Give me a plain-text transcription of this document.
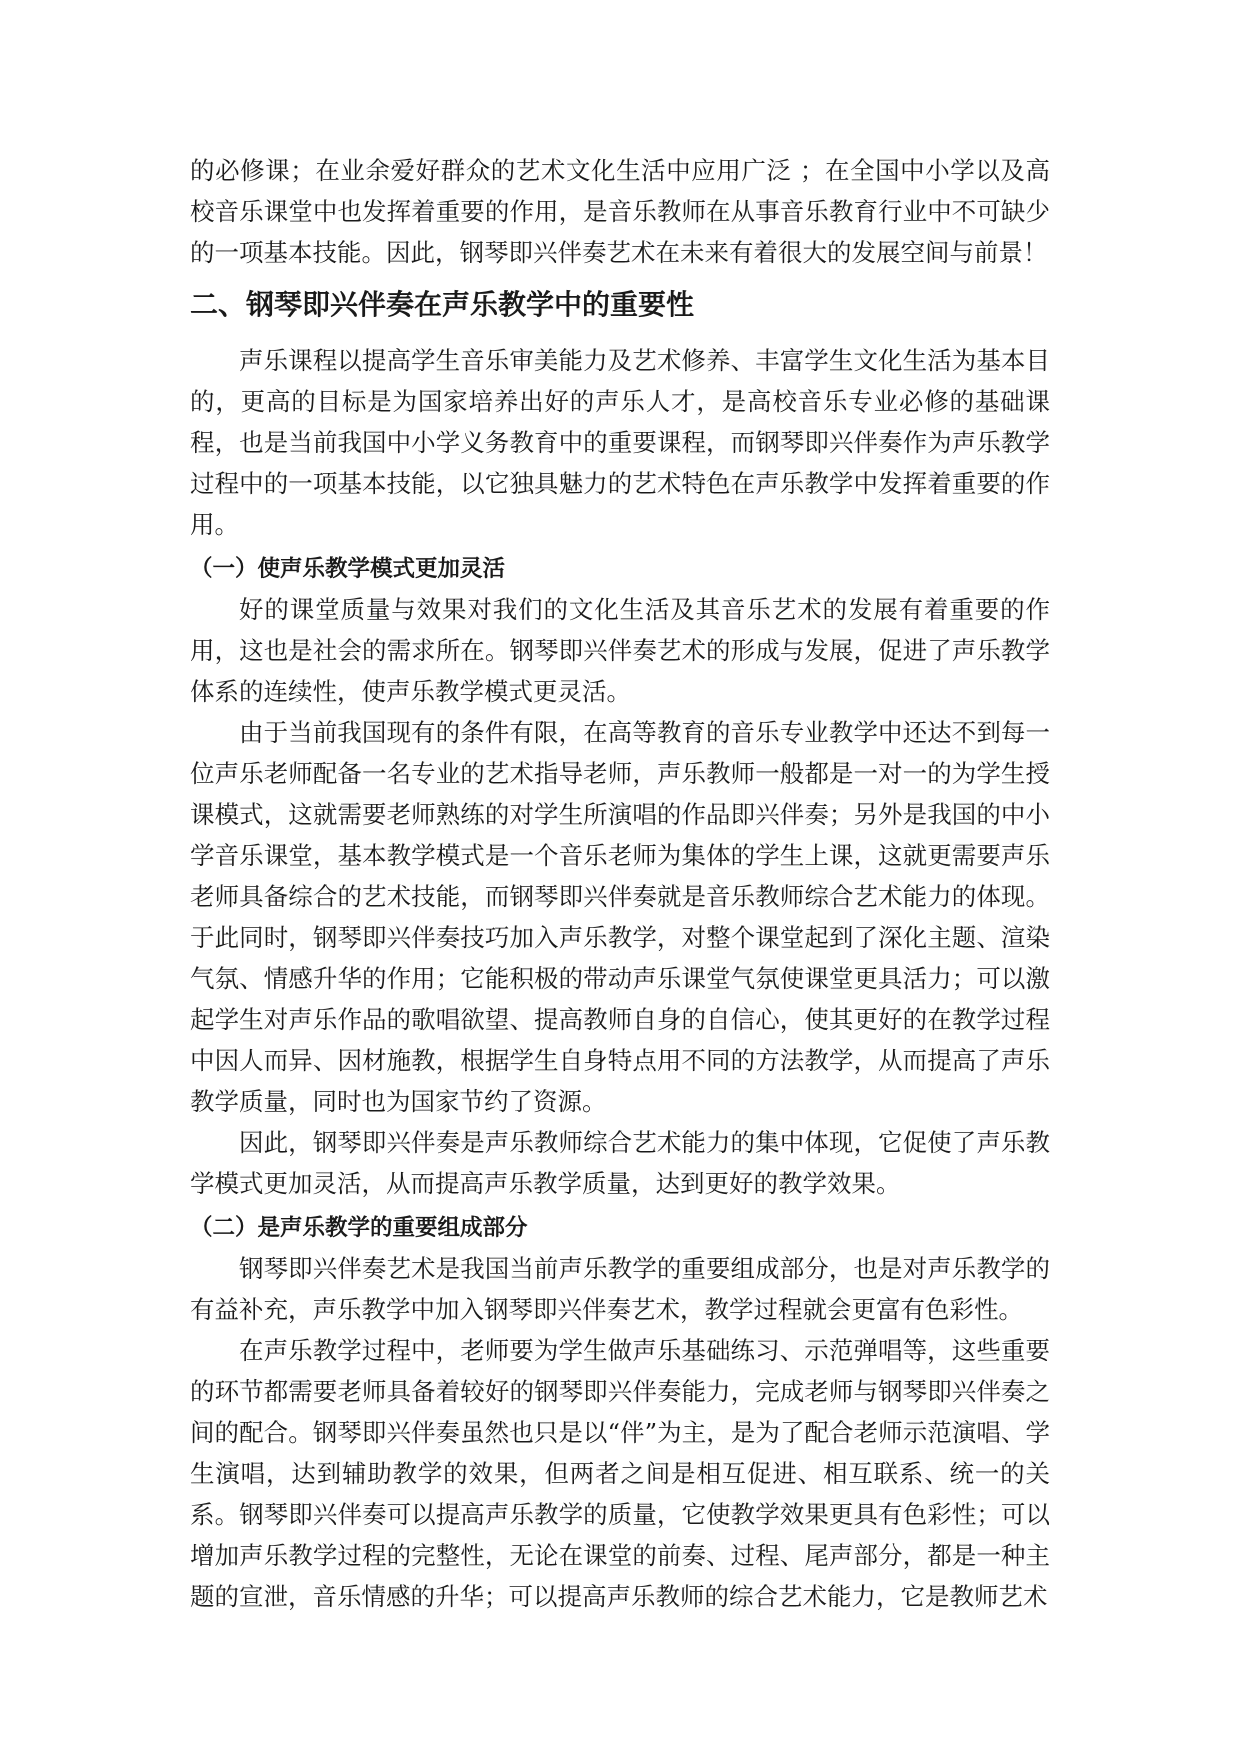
的必修课；在业余爱好群众的艺术文化生活中应用广泛 ；在全国中小学以及高校音乐课堂中也发挥着重要的作用，是音乐教师在从事音乐教育行业中不可缺少的一项基本技能。因此，钢琴即兴伴奏艺术在未来有着很大的发展空间与前景！

二、钢琴即兴伴奏在声乐教学中的重要性

声乐课程以提高学生音乐审美能力及艺术修养、丰富学生文化生活为基本目的，更高的目标是为国家培养出好的声乐人才，是高校音乐专业必修的基础课程，也是当前我国中小学义务教育中的重要课程，而钢琴即兴伴奏作为声乐教学过程中的一项基本技能，以它独具魅力的艺术特色在声乐教学中发挥着重要的作用。

（一）使声乐教学模式更加灵活

好的课堂质量与效果对我们的文化生活及其音乐艺术的发展有着重要的作用，这也是社会的需求所在。钢琴即兴伴奏艺术的形成与发展，促进了声乐教学体系的连续性，使声乐教学模式更灵活。

由于当前我国现有的条件有限，在高等教育的音乐专业教学中还达不到每一位声乐老师配备一名专业的艺术指导老师，声乐教师一般都是一对一的为学生授课模式，这就需要老师熟练的对学生所演唱的作品即兴伴奏；另外是我国的中小学音乐课堂，基本教学模式是一个音乐老师为集体的学生上课，这就更需要声乐老师具备综合的艺术技能，而钢琴即兴伴奏就是音乐教师综合艺术能力的体现。于此同时，钢琴即兴伴奏技巧加入声乐教学，对整个课堂起到了深化主题、渲染气氛、情感升华的作用；它能积极的带动声乐课堂气氛使课堂更具活力；可以激起学生对声乐作品的歌唱欲望、提高教师自身的自信心，使其更好的在教学过程中因人而异、因材施教，根据学生自身特点用不同的方法教学，从而提高了声乐教学质量，同时也为国家节约了资源。

因此，钢琴即兴伴奏是声乐教师综合艺术能力的集中体现，它促使了声乐教学模式更加灵活，从而提高声乐教学质量，达到更好的教学效果。

（二）是声乐教学的重要组成部分

钢琴即兴伴奏艺术是我国当前声乐教学的重要组成部分，也是对声乐教学的有益补充，声乐教学中加入钢琴即兴伴奏艺术，教学过程就会更富有色彩性。

在声乐教学过程中，老师要为学生做声乐基础练习、示范弹唱等，这些重要的环节都需要老师具备着较好的钢琴即兴伴奏能力，完成老师与钢琴即兴伴奏之间的配合。钢琴即兴伴奏虽然也只是以“伴”为主，是为了配合老师示范演唱、学生演唱，达到辅助教学的效果，但两者之间是相互促进、相互联系、统一的关系。钢琴即兴伴奏可以提高声乐教学的质量，它使教学效果更具有色彩性；可以增加声乐教学过程的完整性，无论在课堂的前奏、过程、尾声部分，都是一种主题的宣泄，音乐情感的升华；可以提高声乐教师的综合艺术能力，它是教师艺术
